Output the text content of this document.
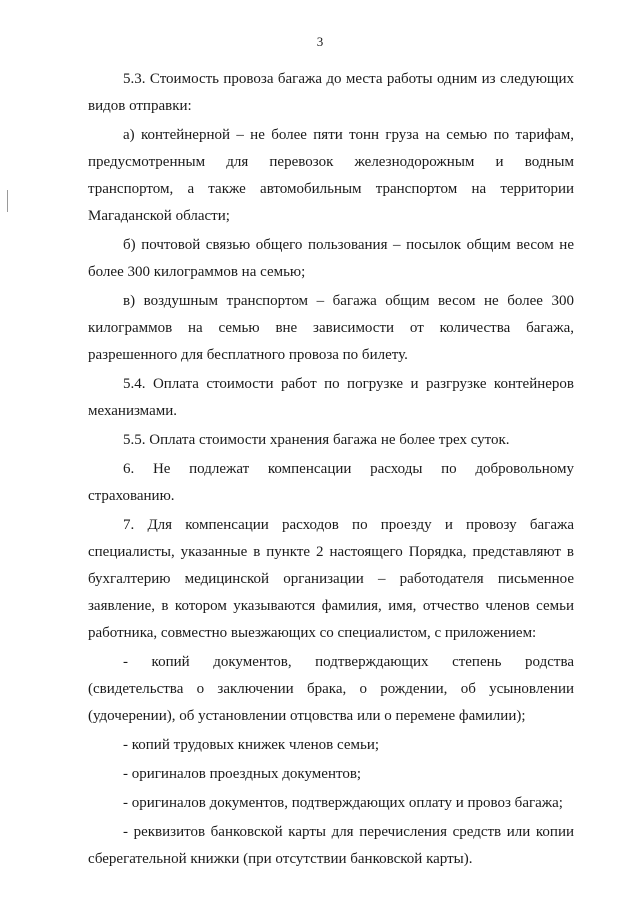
3

5.3. Стоимость провоза багажа до места работы одним из следующих видов отправки:

а) контейнерной – не более пяти тонн груза на семью по тарифам, предусмотренным для перевозок железнодорожным и водным транспортом, а также автомобильным транспортом на территории Магаданской области;

б) почтовой связью общего пользования – посылок общим весом не более 300 килограммов на семью;

в) воздушным транспортом – багажа общим весом не более 300 килограммов на семью вне зависимости от количества багажа, разрешенного для бесплатного провоза по билету.

5.4. Оплата стоимости работ по погрузке и разгрузке контейнеров механизмами.

5.5. Оплата стоимости хранения багажа не более трех суток.

6. Не подлежат компенсации расходы по добровольному страхованию.

7. Для компенсации расходов по проезду и провозу багажа специалисты, указанные в пункте 2 настоящего Порядка, представляют в бухгалтерию медицинской организации – работодателя письменное заявление, в котором указываются фамилия, имя, отчество членов семьи работника, совместно выезжающих со специалистом, с приложением:

- копий документов, подтверждающих степень родства (свидетельства о заключении брака, о рождении, об усыновлении (удочерении), об установлении отцовства или о перемене фамилии);

- копий трудовых книжек членов семьи;

- оригиналов проездных документов;

- оригиналов документов, подтверждающих оплату и провоз багажа;

- реквизитов банковской карты для перечисления средств или копии сберегательной книжки (при отсутствии банковской карты).
